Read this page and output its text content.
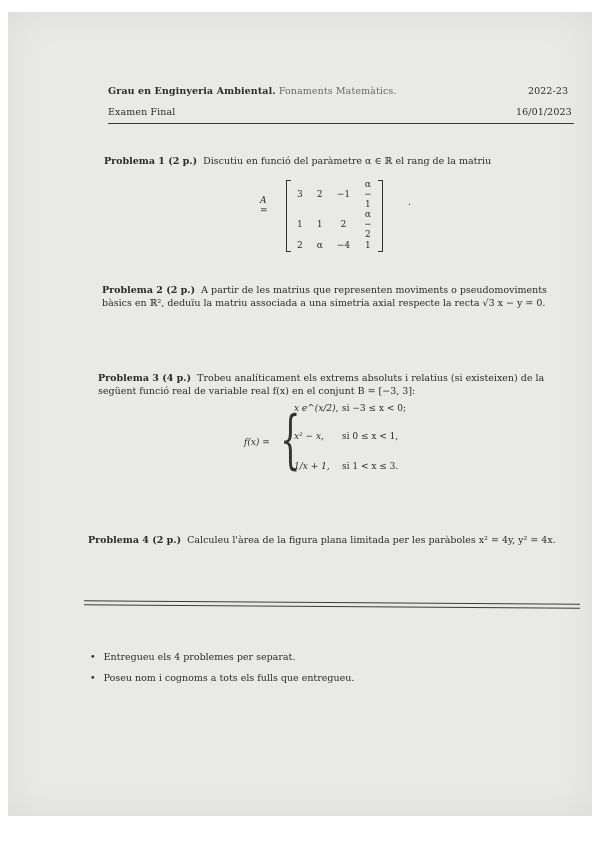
Grau en Enginyeria Ambiental. Fonaments Matemàtics.	2022-23
Examen Final	16/01/2023
Problema 1 (2 p.) Discutiu en funció del paràmetre α ∈ ℝ el rang de la matriu
A =
3	2	−1	α − 1
1	1	2	α − 2
2	α	−4	1
.
Problema 2 (2 p.) A partir de les matrius que representen moviments o pseudomoviments bàsics en ℝ², deduïu la matriu associada a una simetria axial respecte la recta √3 x − y = 0.
Problema 3 (4 p.) Trobeu analíticament els extrems absoluts i relatius (si existeixen) de la següent funció real de variable real f(x) en el conjunt B = [−3, 3]:
f(x) = {
x e^(x/2), si −3 ≤ x < 0;
x² − x, si 0 ≤ x < 1,
1/x + 1, si 1 < x ≤ 3.
Problema 4 (2 p.) Calculeu l'àrea de la figura plana limitada per les paràboles x² = 4y, y² = 4x.
• Entregueu els 4 problemes per separat.
• Poseu nom i cognoms a tots els fulls que entregueu.
